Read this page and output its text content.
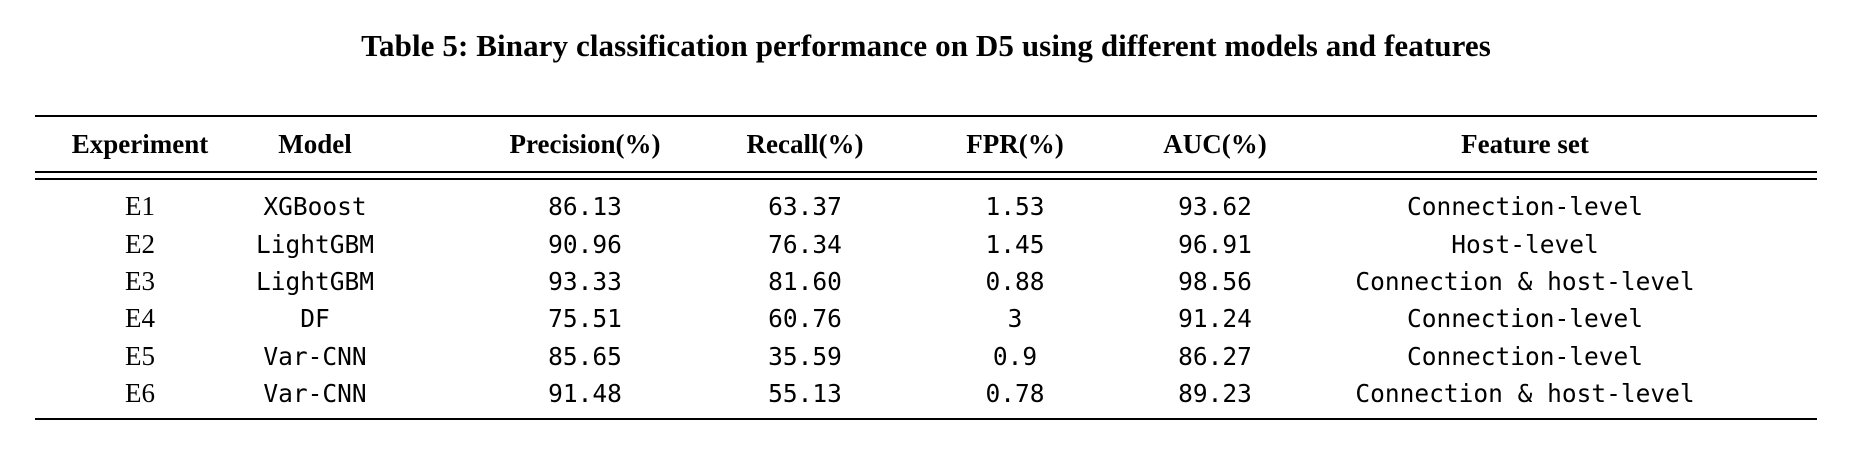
Table 5: Binary classification performance on D5 using different models and features
Experiment	Model	Precision(%)	Recall(%)	FPR(%)	AUC(%)	Feature set
E1	XGBoost	86.13	63.37	1.53	93.62	Connection-level
E2	LightGBM	90.96	76.34	1.45	96.91	Host-level
E3	LightGBM	93.33	81.60	0.88	98.56	Connection & host-level
E4	DF	75.51	60.76	3	91.24	Connection-level
E5	Var-CNN	85.65	35.59	0.9	86.27	Connection-level
E6	Var-CNN	91.48	55.13	0.78	89.23	Connection & host-level
